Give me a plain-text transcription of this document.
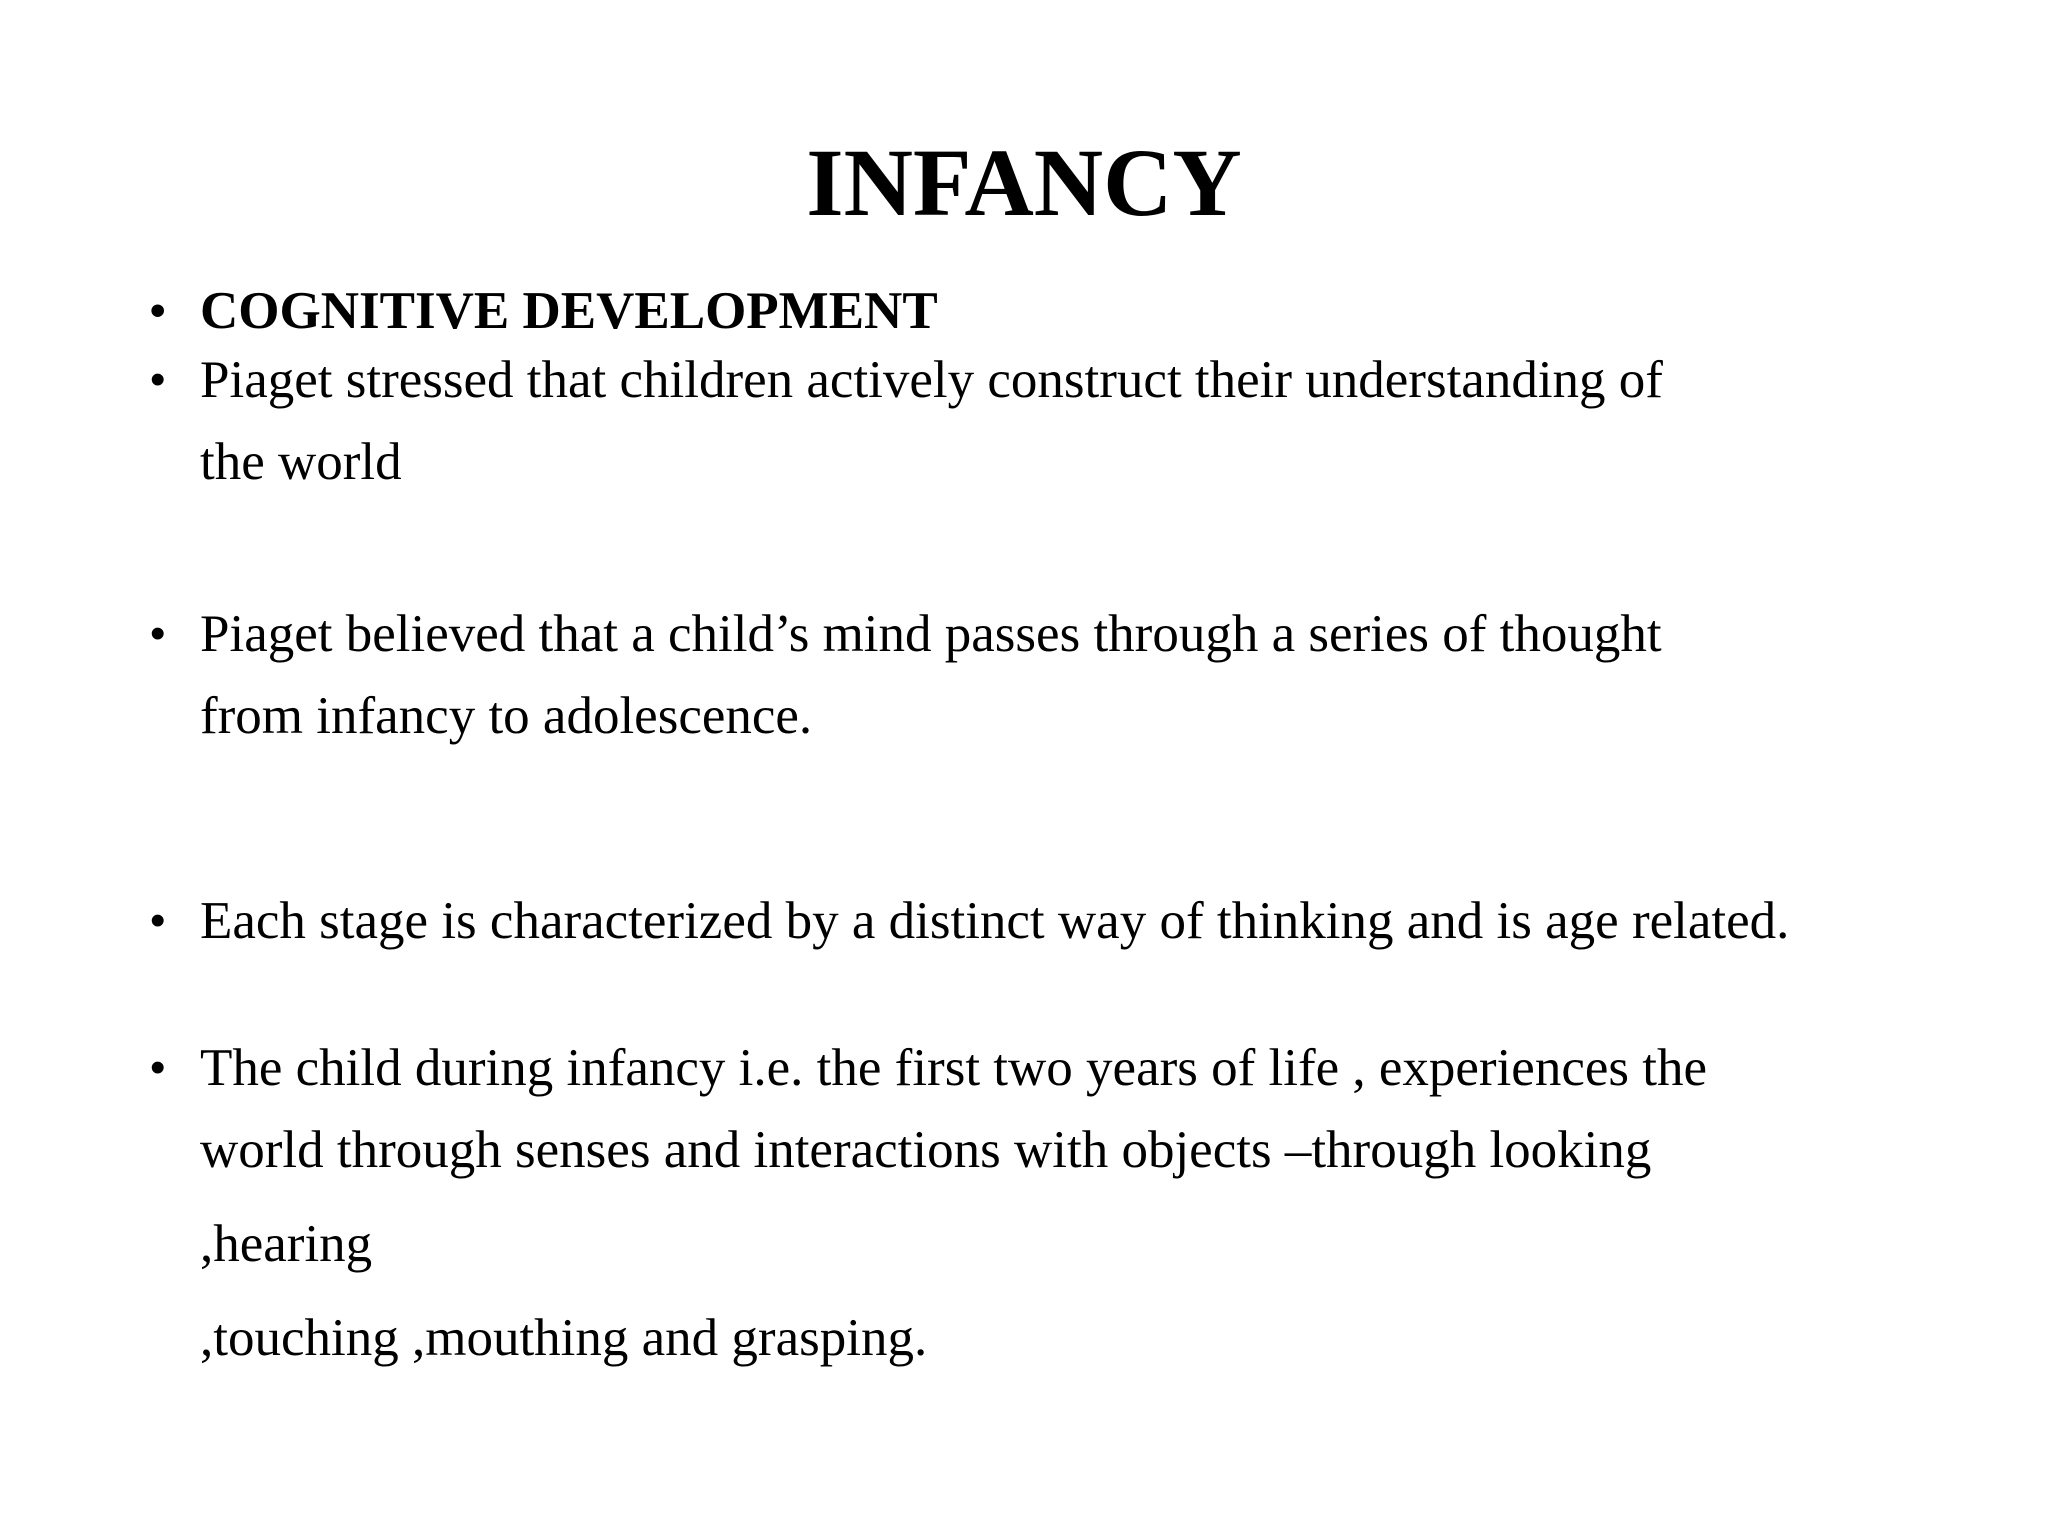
INFANCY
• COGNITIVE DEVELOPMENT
• Piaget stressed that children actively construct their understanding of
the world
• Piaget believed that a child’s mind passes through a series of thought
from infancy to adolescence.
• Each stage is characterized by a distinct way of thinking and is age related.
• The child during infancy i.e. the first two years of life , experiences the
world through senses and interactions with objects –through looking
,hearing
,touching ,mouthing and grasping.
